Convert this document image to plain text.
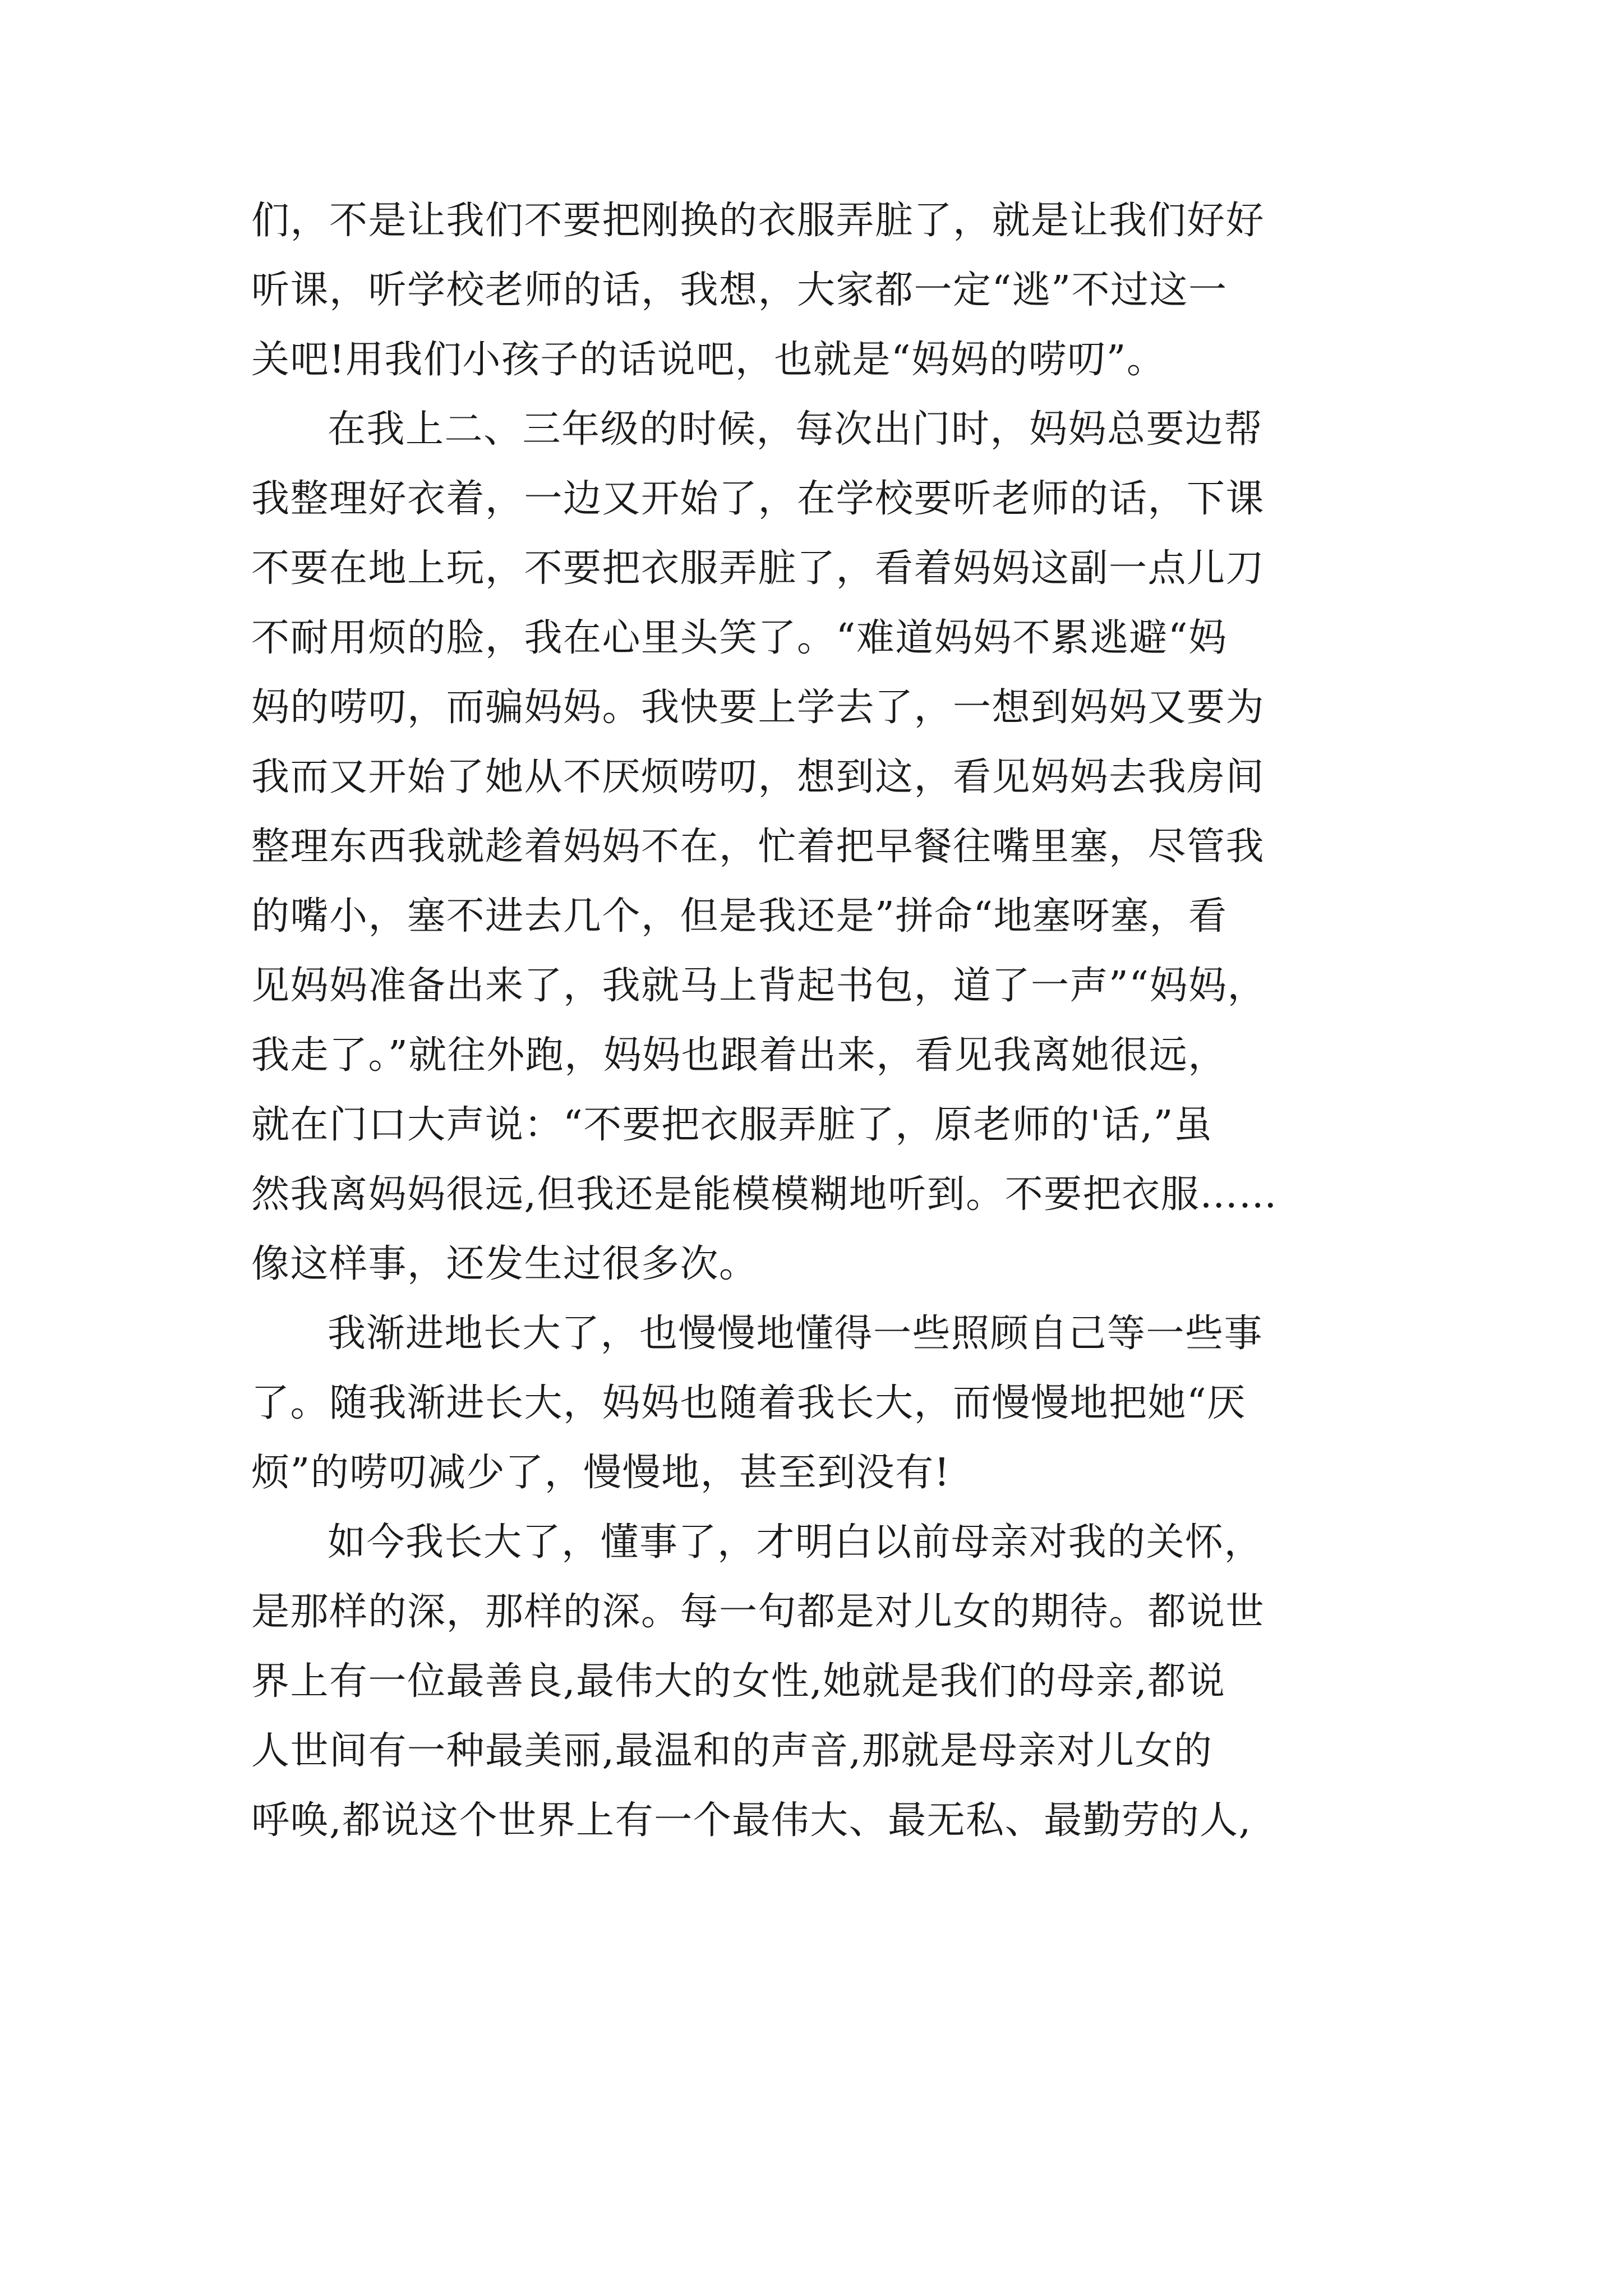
们，不是让我们不要把刚换的衣服弄脏了，就是让我们好好
听课，听学校老师的话，我想，大家都一定“逃”不过这一
关吧!用我们小孩子的话说吧，也就是“妈妈的唠叨”。
在我上二、三年级的时候，每次出门时，妈妈总要边帮
我整理好衣着，一边又开始了，在学校要听老师的话，下课
不要在地上玩，不要把衣服弄脏了，看着妈妈这副一点儿刀
不耐用烦的脸，我在心里头笑了。“难道妈妈不累逃避“妈
妈的唠叨，而骗妈妈。我快要上学去了，一想到妈妈又要为
我而又开始了她从不厌烦唠叨，想到这，看见妈妈去我房间
整理东西我就趁着妈妈不在，忙着把早餐往嘴里塞，尽管我
的嘴小，塞不进去几个，但是我还是”拼命“地塞呀塞，看
见妈妈准备出来了，我就马上背起书包，道了一声”“妈妈，
我走了。”就往外跑，妈妈也跟着出来，看见我离她很远，
就在门口大声说：“不要把衣服弄脏了，原老师的'话,”虽
然我离妈妈很远,但我还是能模模糊地听到。不要把衣服……
像这样事，还发生过很多次。
我渐进地长大了，也慢慢地懂得一些照顾自己等一些事
了。随我渐进长大，妈妈也随着我长大，而慢慢地把她“厌
烦”的唠叨减少了，慢慢地，甚至到没有!
如今我长大了，懂事了，才明白以前母亲对我的关怀，
是那样的深，那样的深。每一句都是对儿女的期待。都说世
界上有一位最善良,最伟大的女性,她就是我们的母亲,都说
人世间有一种最美丽,最温和的声音,那就是母亲对儿女的
呼唤,都说这个世界上有一个最伟大、最无私、最勤劳的人,
